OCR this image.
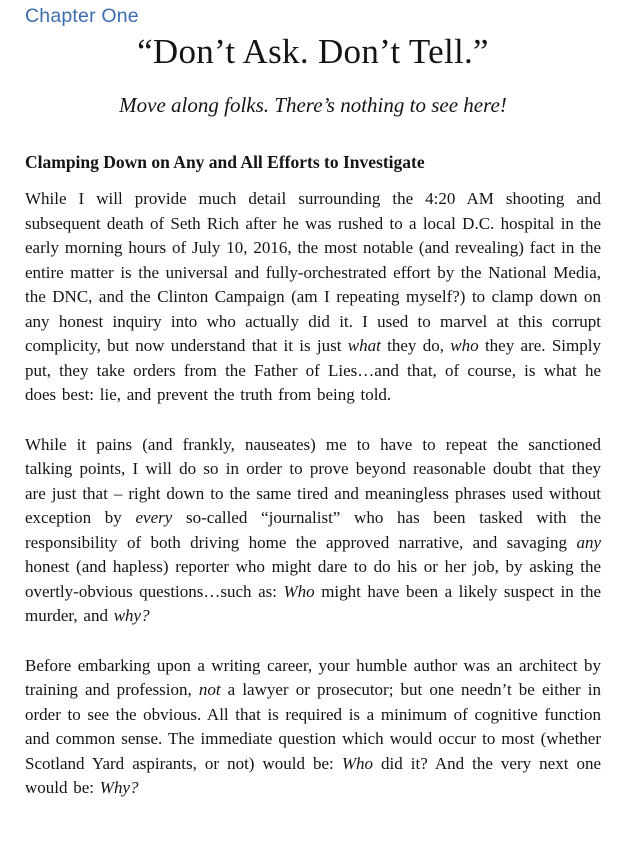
Chapter One
“Don’t Ask. Don’t Tell.”
Move along folks. There’s nothing to see here!
Clamping Down on Any and All Efforts to Investigate

While I will provide much detail surrounding the 4:20 AM shooting and subsequent death of Seth Rich after he was rushed to a local D.C. hospital in the early morning hours of July 10, 2016, the most notable (and revealing) fact in the entire matter is the universal and fully-orchestrated effort by the National Media, the DNC, and the Clinton Campaign (am I repeating myself?) to clamp down on any honest inquiry into who actually did it. I used to marvel at this corrupt complicity, but now understand that it is just what they do, who they are. Simply put, they take orders from the Father of Lies…and that, of course, is what he does best: lie, and prevent the truth from being told.

While it pains (and frankly, nauseates) me to have to repeat the sanctioned talking points, I will do so in order to prove beyond reasonable doubt that they are just that – right down to the same tired and meaningless phrases used without exception by every so-called “journalist” who has been tasked with the responsibility of both driving home the approved narrative, and savaging any honest (and hapless) reporter who might dare to do his or her job, by asking the overtly-obvious questions…such as: Who might have been a likely suspect in the murder, and why?

Before embarking upon a writing career, your humble author was an architect by training and profession, not a lawyer or prosecutor; but one needn’t be either in order to see the obvious. All that is required is a minimum of cognitive function and common sense. The immediate question which would occur to most (whether Scotland Yard aspirants, or not) would be: Who did it? And the very next one would be: Why?
